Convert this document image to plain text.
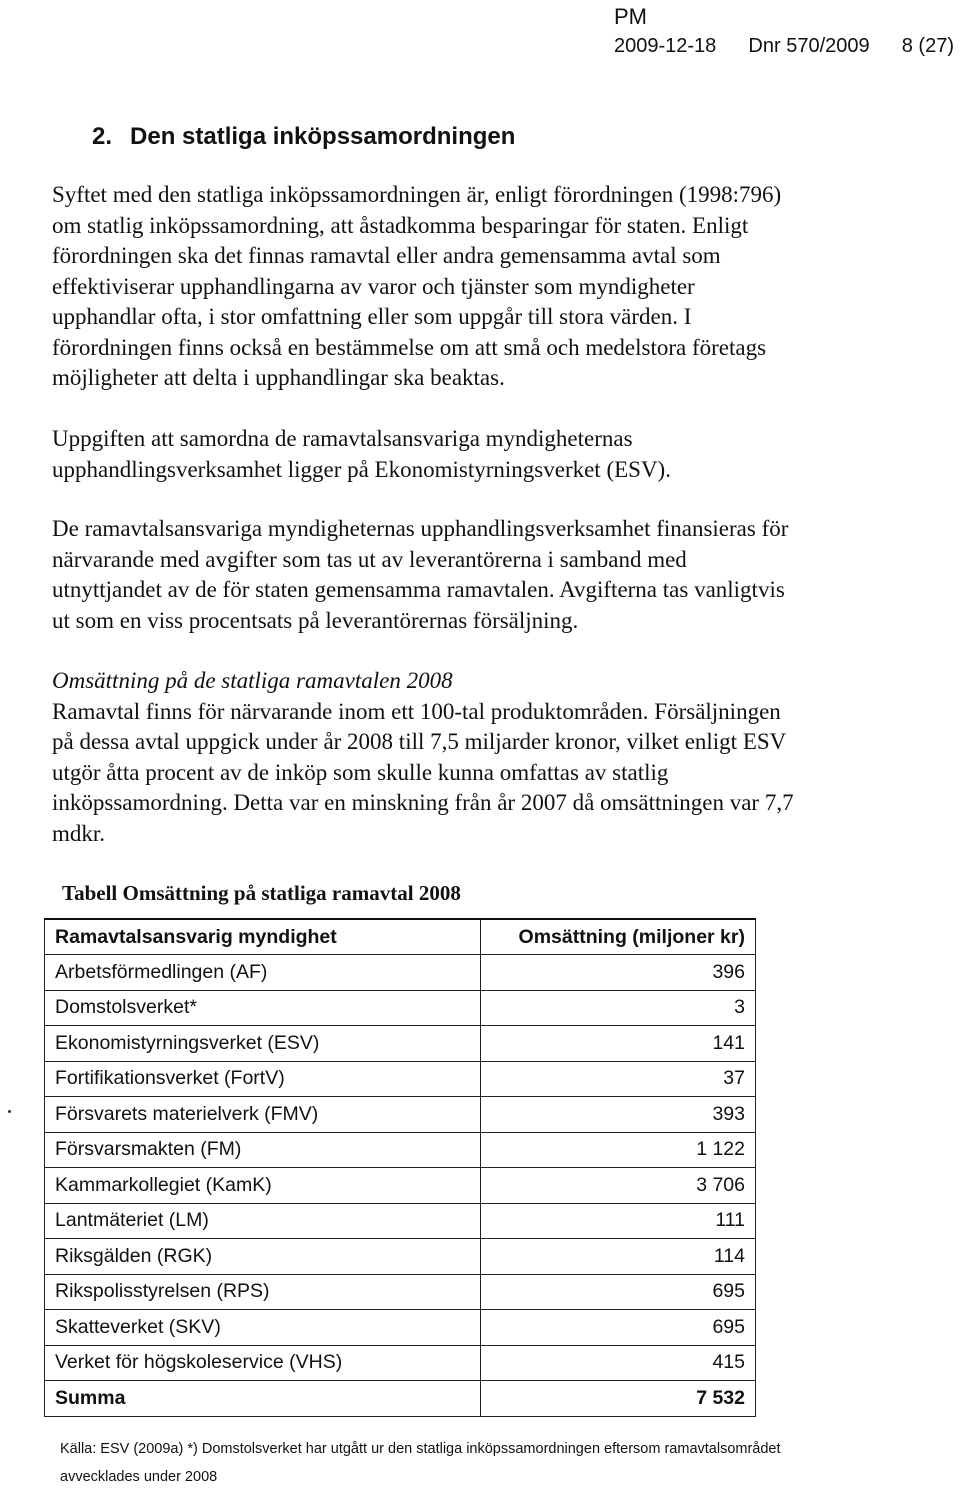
PM
2009-12-18 Dnr 570/2009 8 (27)
2. Den statliga inköpssamordningen

Syftet med den statliga inköpssamordningen är, enligt förordningen (1998:796)
om statlig inköpssamordning, att åstadkomma besparingar för staten. Enligt
förordningen ska det finnas ramavtal eller andra gemensamma avtal som
effektiviserar upphandlingarna av varor och tjänster som myndigheter
upphandlar ofta, i stor omfattning eller som uppgår till stora värden. I
förordningen finns också en bestämmelse om att små och medelstora företags
möjligheter att delta i upphandlingar ska beaktas.

Uppgiften att samordna de ramavtalsansvariga myndigheternas
upphandlingsverksamhet ligger på Ekonomistyrningsverket (ESV).

De ramavtalsansvariga myndigheternas upphandlingsverksamhet finansieras för
närvarande med avgifter som tas ut av leverantörerna i samband med
utnyttjandet av de för staten gemensamma ramavtalen. Avgifterna tas vanligtvis
ut som en viss procentsats på leverantörernas försäljning.

Omsättning på de statliga ramavtalen 2008
Ramavtal finns för närvarande inom ett 100-tal produktområden. Försäljningen
på dessa avtal uppgick under år 2008 till 7,5 miljarder kronor, vilket enligt ESV
utgör åtta procent av de inköp som skulle kunna omfattas av statlig
inköpssamordning. Detta var en minskning från år 2007 då omsättningen var 7,7
mdkr.

Tabell Omsättning på statliga ramavtal 2008
Ramavtalsansvarig myndighet	Omsättning (miljoner kr)
Arbetsförmedlingen (AF)	396
Domstolsverket*	3
Ekonomistyrningsverket (ESV)	141
Fortifikationsverket (FortV)	37
Försvarets materielverk (FMV)	393
Försvarsmakten (FM)	1 122
Kammarkollegiet (KamK)	3 706
Lantmäteriet (LM)	111
Riksgälden (RGK)	114
Rikspolisstyrelsen (RPS)	695
Skatteverket (SKV)	695
Verket för högskoleservice (VHS)	415
Summa	7 532
Källa: ESV (2009a) *) Domstolsverket har utgått ur den statliga inköpssamordningen eftersom ramavtalsområdet
avvecklades under 2008
